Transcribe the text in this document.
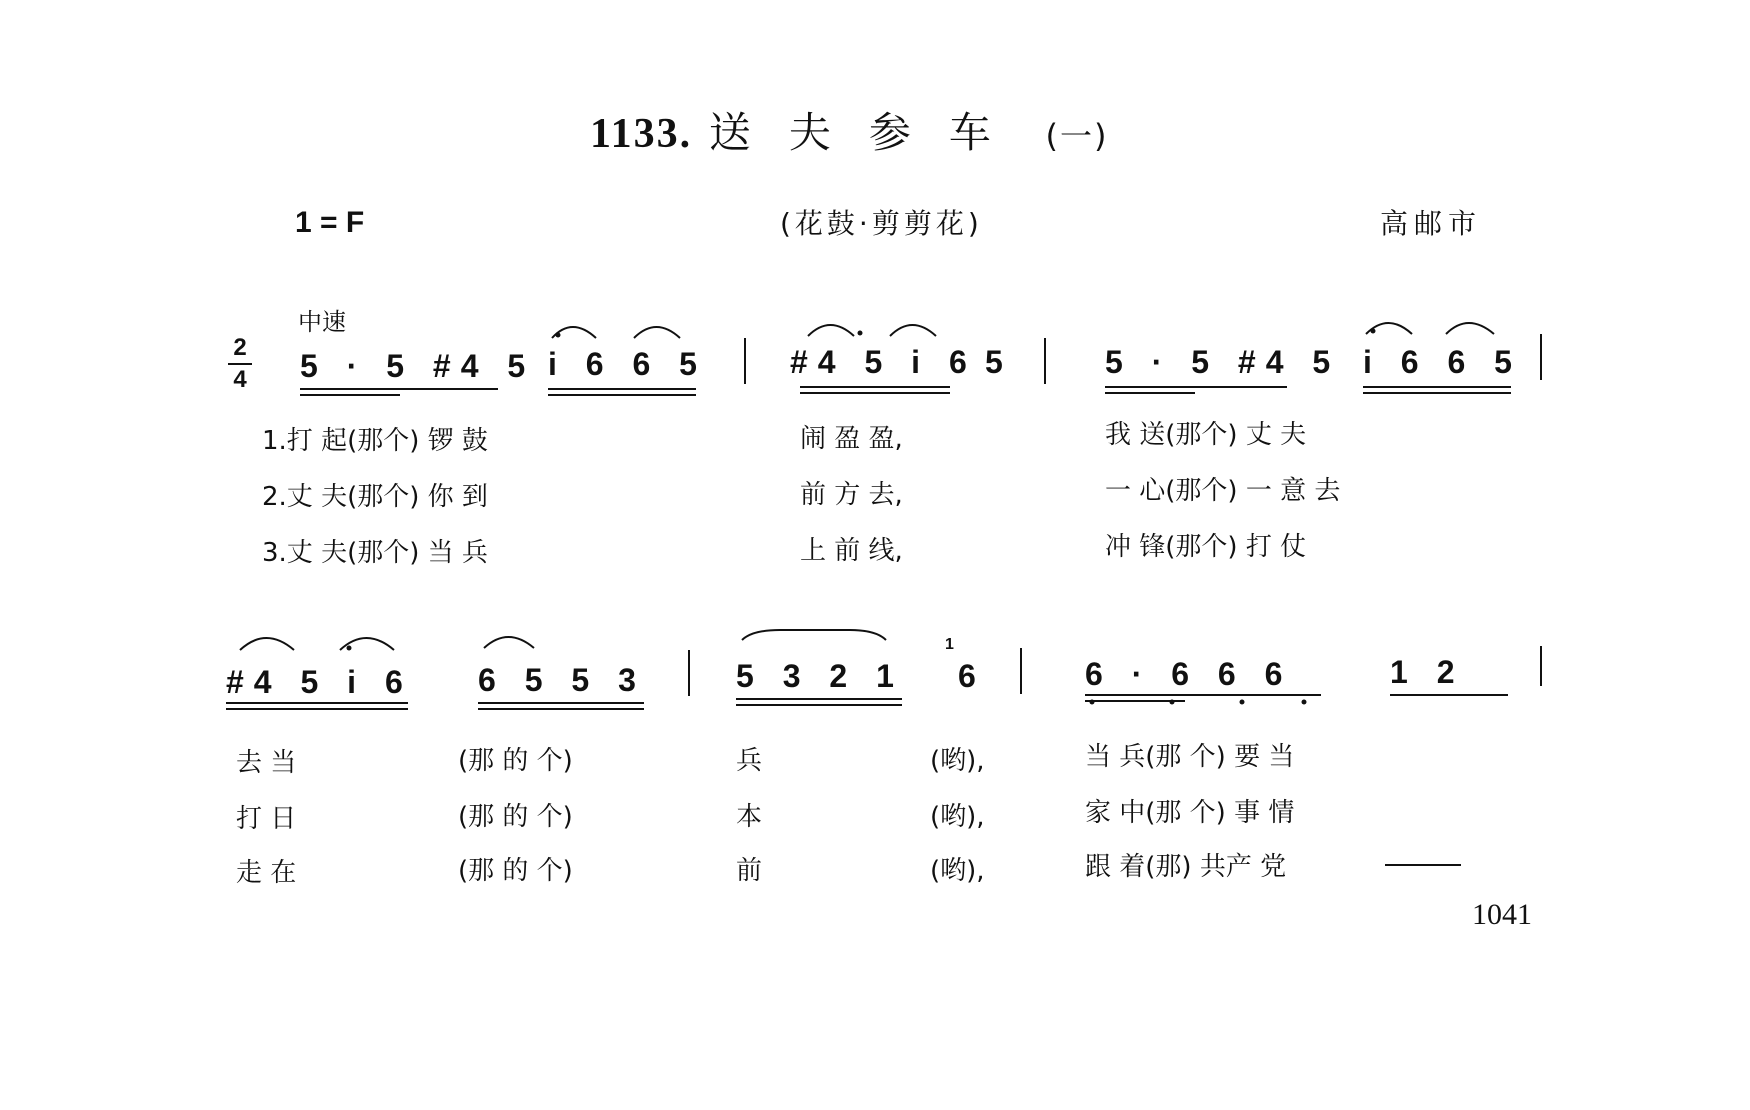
1133. 送夫参车 (一)
1 = F	(花鼓·剪剪花)	高邮市
中速
2
4 5 · 5 #4 5 i 6 6 5	#4 5 i 6 5	5 · 5 #4 5 i 6 6 5
1.打 起(那个) 锣 鼓	闹 盈 盈,	我 送(那个) 丈 夫
2.丈 夫(那个) 你 到	前 方 去,	一 心(那个) 一 意 去
3.丈 夫(那个) 当 兵	上 前 线,	冲 锋(那个) 打 仗
#4 5 i 6 6 5 5 3	5 3 2 1
1
6	6 · 6 6 6	1 2
去 当	(那 的 个)	兵	(哟),	当 兵(那 个) 要 当
打 日	(那 的 个)	本	(哟),	家 中(那 个) 事 情
走 在	(那 的 个)	前	(哟),	跟 着(那) 共产 党
1041
